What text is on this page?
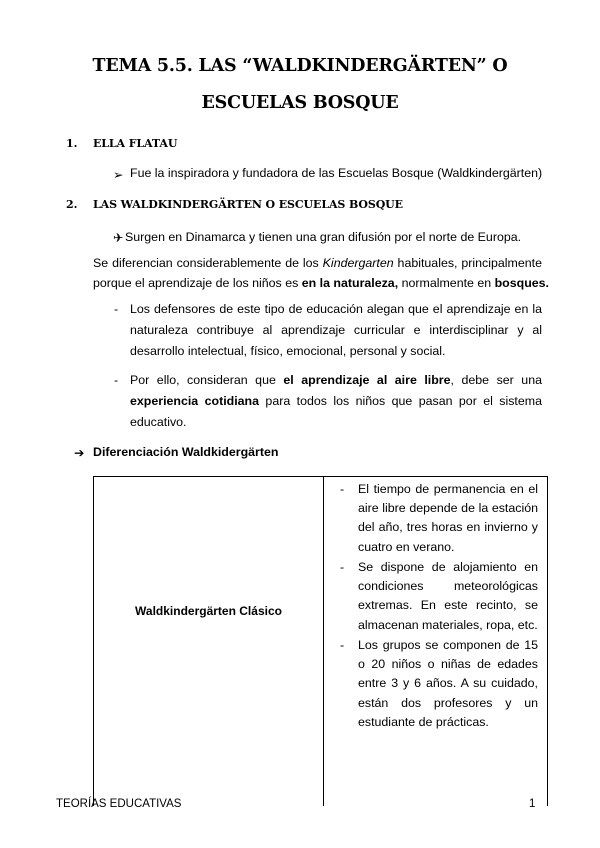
TEMA 5.5. LAS “WALDKINDERGÄRTEN” O
ESCUELAS BOSQUE
1. ELLA FLATAU
➢ Fue la inspiradora y fundadora de las Escuelas Bosque (Waldkindergärten)
2. LAS WALDKINDERGÄRTEN O ESCUELAS BOSQUE
✈ Surgen en Dinamarca y tienen una gran difusión por el norte de Europa.
Se diferencian considerablemente de los Kindergarten habituales, principalmente
porque el aprendizaje de los niños es en la naturaleza, normalmente en bosques.
- Los defensores de este tipo de educación alegan que el aprendizaje en la
naturaleza contribuye al aprendizaje curricular e interdisciplinar y al
desarrollo intelectual, físico, emocional, personal y social.
- Por ello, consideran que el aprendizaje al aire libre, debe ser una
experiencia cotidiana para todos los niños que pasan por el sistema
educativo.
➔ Diferenciación Waldkidergärten
Waldkindergärten Clásico
- El tiempo de permanencia en el
aire libre depende de la estación
del año, tres horas en invierno y
cuatro en verano.
- Se dispone de alojamiento en
condiciones meteorológicas
extremas. En este recinto, se
almacenan materiales, ropa, etc.
- Los grupos se componen de 15
o 20 niños o niñas de edades
entre 3 y 6 años. A su cuidado,
están dos profesores y un
estudiante de prácticas.
TEORÍAS EDUCATIVAS	1
